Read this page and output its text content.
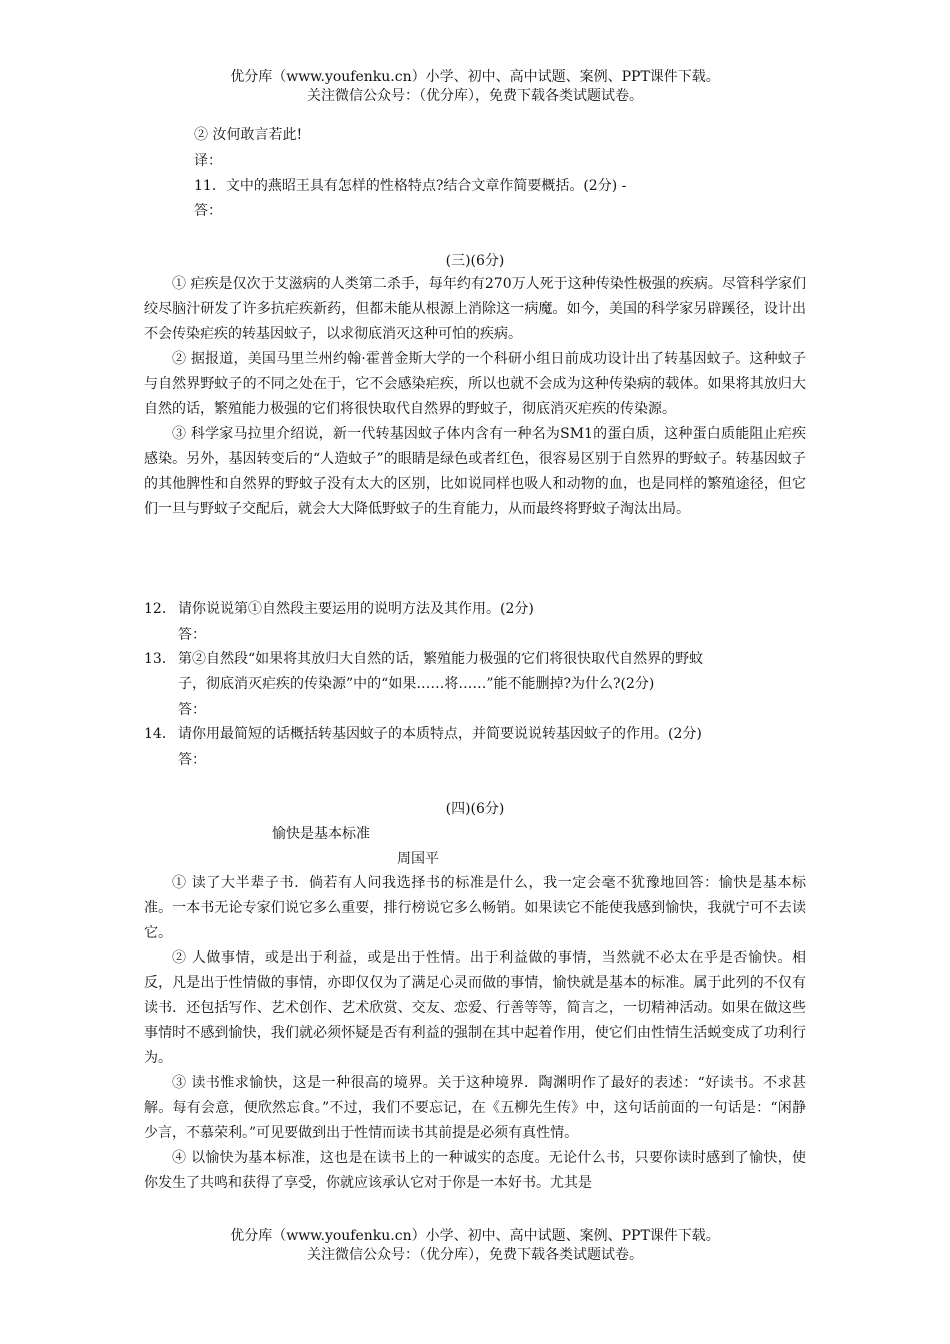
优分库（www.youfenku.cn）小学、初中、高中试题、案例、PPT课件下载。
关注微信公众号：（优分库），免费下载各类试题试卷。
② 汝何敢言若此!
译：
11．文中的燕昭王具有怎样的性格特点?结合文章作简要概括。(2分) -
答：
(三)(6分)

① 疟疾是仅次于艾滋病的人类第二杀手，每年约有270万人死于这种传染性极强的疾病。尽管科学家们绞尽脑汁研发了许多抗疟疾新药，但都未能从根源上消除这一病魔。如今，美国的科学家另辟蹊径，设计出不会传染疟疾的转基因蚊子，以求彻底消灭这种可怕的疾病。

② 据报道，美国马里兰州约翰·霍普金斯大学的一个科研小组日前成功设计出了转基因蚊子。这种蚊子与自然界野蚊子的不同之处在于，它不会感染疟疾，所以也就不会成为这种传染病的载体。如果将其放归大自然的话，繁殖能力极强的它们将很快取代自然界的野蚊子，彻底消灭疟疾的传染源。

③ 科学家马拉里介绍说，新一代转基因蚊子体内含有一种名为SM1的蛋白质，这种蛋白质能阻止疟疾感染。另外，基因转变后的“人造蚊子”的眼睛是绿色或者红色，很容易区别于自然界的野蚊子。转基因蚊子的其他脾性和自然界的野蚊子没有太大的区别，比如说同样也吸人和动物的血，也是同样的繁殖途径，但它们一旦与野蚊子交配后，就会大大降低野蚊子的生育能力，从而最终将野蚊子淘汰出局。

12． 请你说说第①自然段主要运用的说明方法及其作用。(2分)
答：
13． 第②自然段“如果将其放归大自然的话，繁殖能力极强的它们将很快取代自然界的野蚊
子，彻底消灭疟疾的传染源”中的“如果……将……”能不能删掉?为什么?(2分)
答：
14． 请你用最简短的话概括转基因蚊子的本质特点，并简要说说转基因蚊子的作用。(2分)
答：
(四)(6分)
愉快是基本标准
周国平

① 读了大半辈子书．倘若有人问我选择书的标准是什么，我一定会毫不犹豫地回答：愉快是基本标准。一本书无论专家们说它多么重要，排行榜说它多么畅销。如果读它不能使我感到愉快，我就宁可不去读它。

② 人做事情，或是出于利益，或是出于性情。出于利益做的事情，当然就不必太在乎是否愉快。相反，凡是出于性情做的事情，亦即仅仅为了满足心灵而做的事情，愉快就是基本的标准。属于此列的不仅有读书．还包括写作、艺术创作、艺术欣赏、交友、恋爱、行善等等，简言之，一切精神活动。如果在做这些事情时不感到愉快，我们就必须怀疑是否有利益的强制在其中起着作用，使它们由性情生活蜕变成了功利行为。

③ 读书惟求愉快，这是一种很高的境界。关于这种境界．陶渊明作了最好的表述：“好读书。不求甚解。每有会意，便欣然忘食。”不过，我们不要忘记，在《五柳先生传》中，这句话前面的一句话是：“闲静少言，不慕荣利。”可见要做到出于性情而读书其前提是必须有真性情。

④ 以愉快为基本标准，这也是在读书上的一种诚实的态度。无论什么书，只要你读时感到了愉快，使你发生了共鸣和获得了享受，你就应该承认它对于你是一本好书。尤其是

优分库（www.youfenku.cn）小学、初中、高中试题、案例、PPT课件下载。
关注微信公众号：（优分库），免费下载各类试题试卷。
